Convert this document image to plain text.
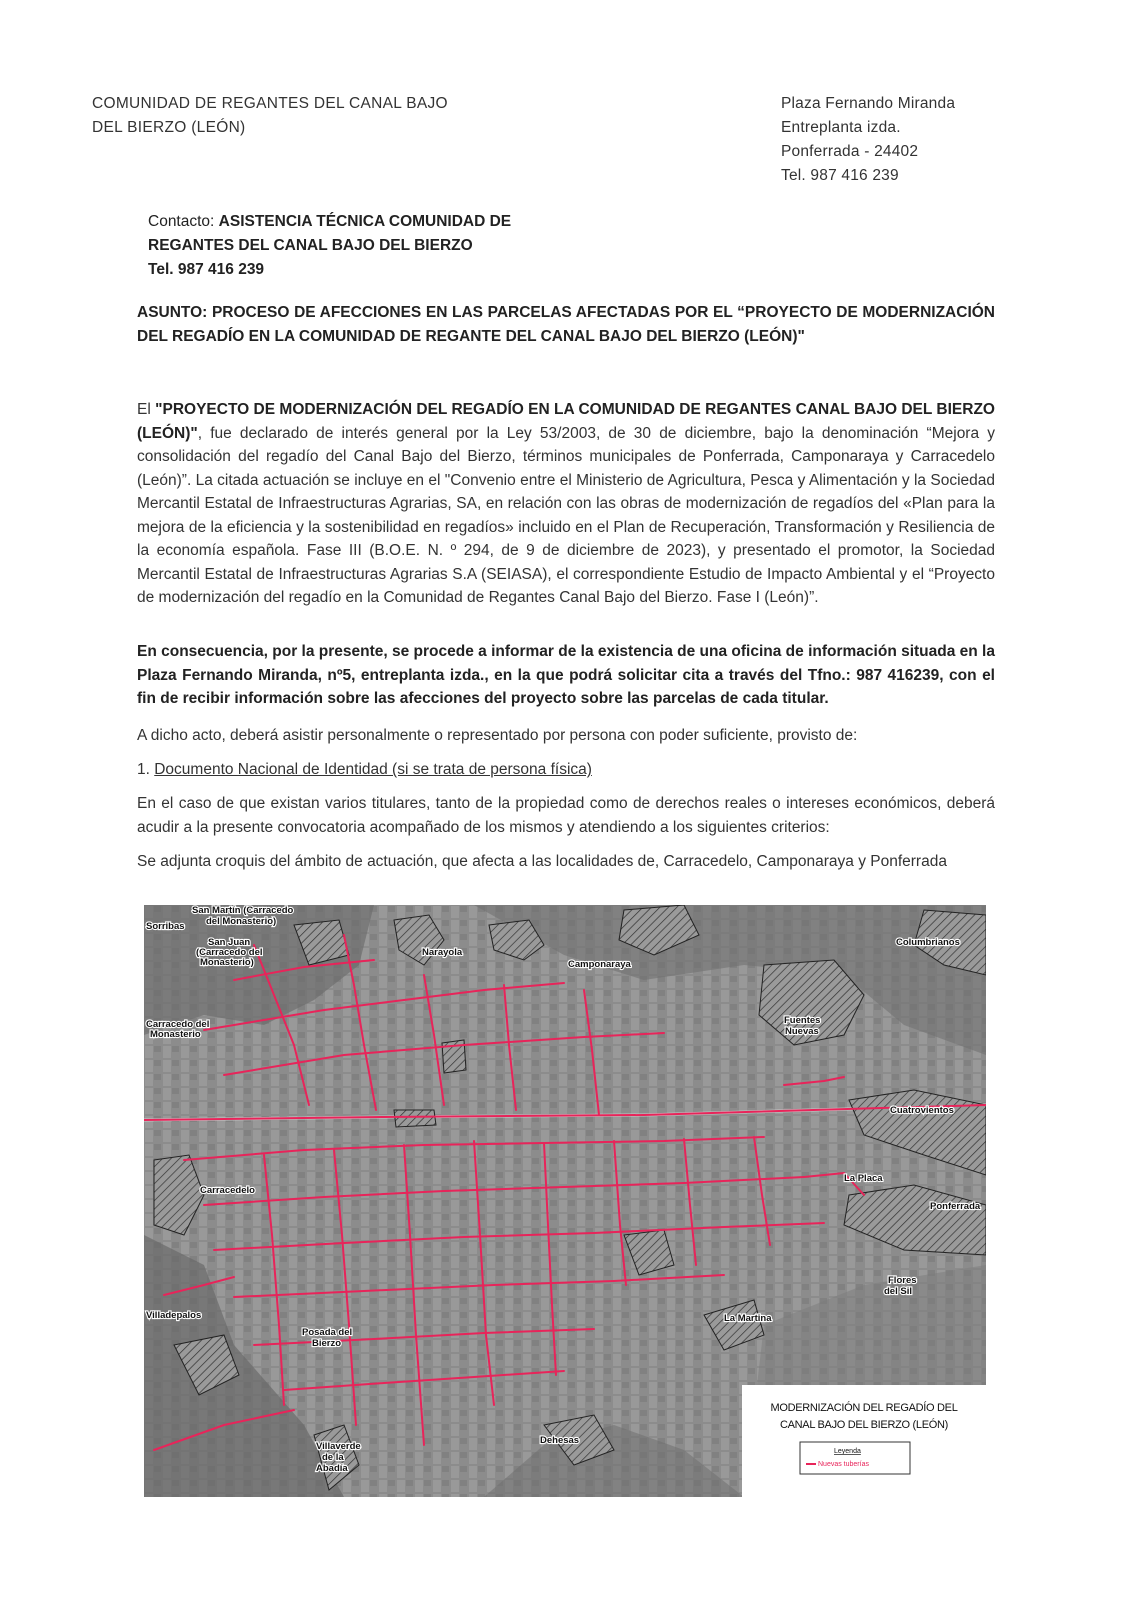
COMUNIDAD DE REGANTES DEL CANAL BAJO
DEL BIERZO (LEÓN)
Plaza Fernando Miranda
Entreplanta izda.
Ponferrada - 24402
Tel. 987 416 239
Contacto: ASISTENCIA TÉCNICA COMUNIDAD DE
REGANTES DEL CANAL BAJO DEL BIERZO
Tel. 987 416 239
ASUNTO: PROCESO DE AFECCIONES EN LAS PARCELAS AFECTADAS POR EL “PROYECTO DE MODERNIZACIÓN DEL REGADÍO EN LA COMUNIDAD DE REGANTE DEL CANAL BAJO DEL BIERZO (LEÓN)"

El "PROYECTO DE MODERNIZACIÓN DEL REGADÍO EN LA COMUNIDAD DE REGANTES CANAL BAJO DEL BIERZO (LEÓN)", fue declarado de interés general por la Ley 53/2003, de 30 de diciembre, bajo la denominación “Mejora y consolidación del regadío del Canal Bajo del Bierzo, términos municipales de Ponferrada, Camponaraya y Carracedelo (León)”. La citada actuación se incluye en el "Convenio entre el Ministerio de Agricultura, Pesca y Alimentación y la Sociedad Mercantil Estatal de Infraestructuras Agrarias, SA, en relación con las obras de modernización de regadíos del «Plan para la mejora de la eficiencia y la sostenibilidad en regadíos» incluido en el Plan de Recuperación, Transformación y Resiliencia de la economía española. Fase III (B.O.E. N. º 294, de 9 de diciembre de 2023), y presentado el promotor, la Sociedad Mercantil Estatal de Infraestructuras Agrarias S.A (SEIASA), el correspondiente Estudio de Impacto Ambiental y el “Proyecto de modernización del regadío en la Comunidad de Regantes Canal Bajo del Bierzo. Fase I (León)”.

En consecuencia, por la presente, se procede a informar de la existencia de una oficina de información situada en la Plaza Fernando Miranda, nº5, entreplanta izda., en la que podrá solicitar cita a través del Tfno.: 987 416239, con el fin de recibir información sobre las afecciones del proyecto sobre las parcelas de cada titular.

A dicho acto, deberá asistir personalmente o representado por persona con poder suficiente, provisto de:

1. Documento Nacional de Identidad (si se trata de persona física)

En el caso de que existan varios titulares, tanto de la propiedad como de derechos reales o intereses económicos, deberá acudir a la presente convocatoria acompañado de los mismos y atendiendo a los siguientes criterios:

Se adjunta croquis del ámbito de actuación, que afecta a las localidades de, Carracedelo, Camponaraya y Ponferrada

Sorribas
San Martín (Carracedo
del Monasterio)
San Juan
(Carracedo del
Monasterio)
Narayola
Camponaraya
Columbrianos
Carracedo del
Monasterio
Fuentes
Nuevas
Cuatrovientos
Carracedelo
La Placa
Ponferrada
Flores
del Sil
Villadepalos
Posada del
Bierzo
La Martina
Dehesas
Villaverde
de la
Abadía
MODERNIZACIÓN DEL REGADÍO DEL
CANAL BAJO DEL BIERZO (LEÓN)
Leyenda
Nuevas tuberías
